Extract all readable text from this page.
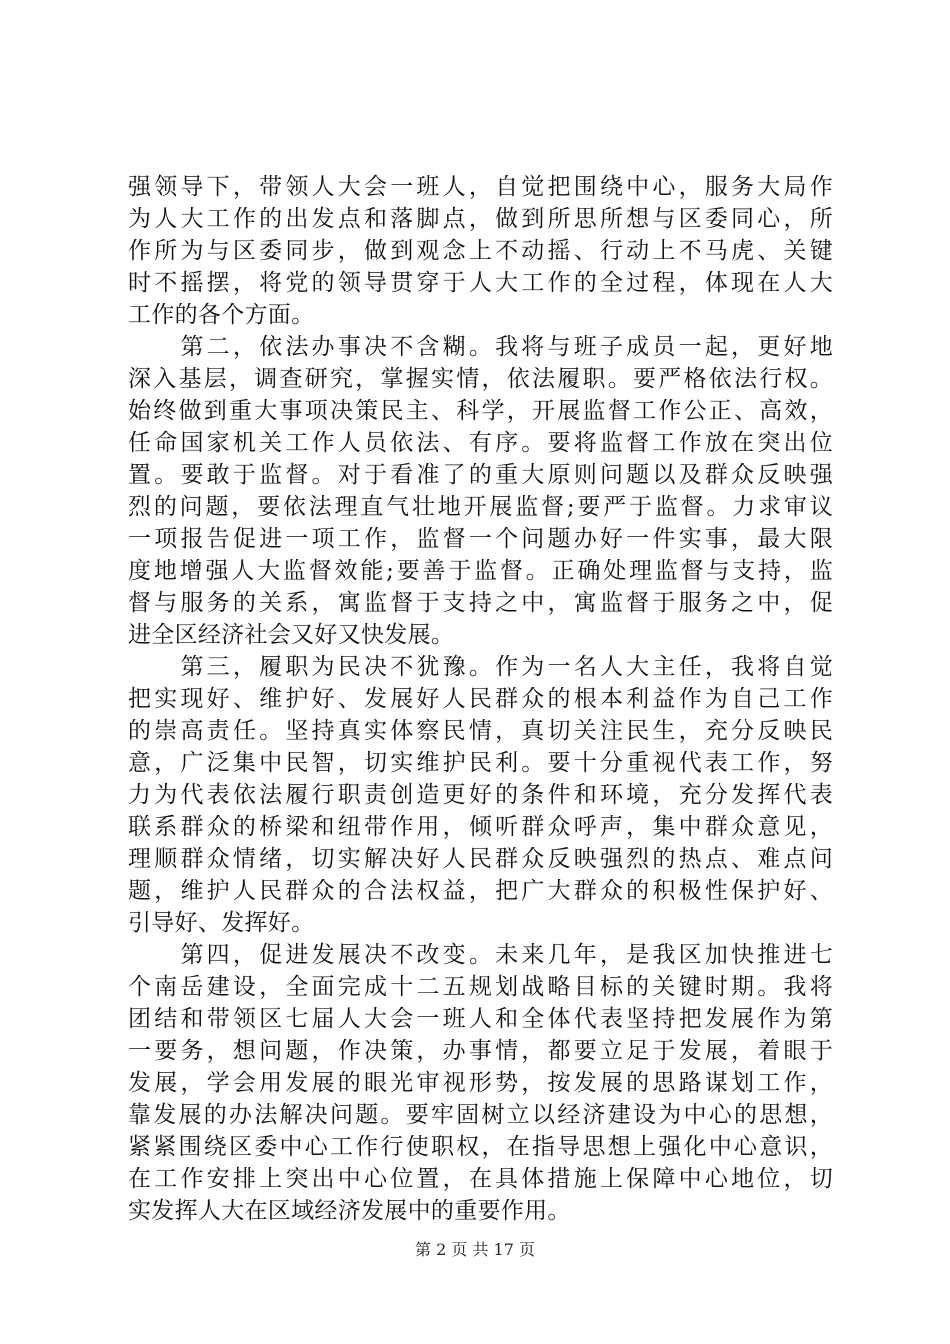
强领导下，带领人大会一班人，自觉把围绕中心，服务大局作
为人大工作的出发点和落脚点，做到所思所想与区委同心，所
作所为与区委同步，做到观念上不动摇、行动上不马虎、关键
时不摇摆，将党的领导贯穿于人大工作的全过程，体现在人大
工作的各个方面。
　　第二，依法办事决不含糊。我将与班子成员一起，更好地
深入基层，调查研究，掌握实情，依法履职。要严格依法行权。
始终做到重大事项决策民主、科学，开展监督工作公正、高效，
任命国家机关工作人员依法、有序。要将监督工作放在突出位
置。要敢于监督。对于看准了的重大原则问题以及群众反映强
烈的问题，要依法理直气壮地开展监督;要严于监督。力求审议
一项报告促进一项工作，监督一个问题办好一件实事，最大限
度地增强人大监督效能;要善于监督。正确处理监督与支持，监
督与服务的关系，寓监督于支持之中，寓监督于服务之中，促
进全区经济社会又好又快发展。
　　第三，履职为民决不犹豫。作为一名人大主任，我将自觉
把实现好、维护好、发展好人民群众的根本利益作为自己工作
的崇高责任。坚持真实体察民情，真切关注民生，充分反映民
意，广泛集中民智，切实维护民利。要十分重视代表工作，努
力为代表依法履行职责创造更好的条件和环境，充分发挥代表
联系群众的桥梁和纽带作用，倾听群众呼声，集中群众意见，
理顺群众情绪，切实解决好人民群众反映强烈的热点、难点问
题，维护人民群众的合法权益，把广大群众的积极性保护好、
引导好、发挥好。
　　第四，促进发展决不改变。未来几年，是我区加快推进七
个南岳建设，全面完成十二五规划战略目标的关键时期。我将
团结和带领区七届人大会一班人和全体代表坚持把发展作为第
一要务，想问题，作决策，办事情，都要立足于发展，着眼于
发展，学会用发展的眼光审视形势，按发展的思路谋划工作，
靠发展的办法解决问题。要牢固树立以经济建设为中心的思想，
紧紧围绕区委中心工作行使职权，在指导思想上强化中心意识，
在工作安排上突出中心位置，在具体措施上保障中心地位，切
实发挥人大在区域经济发展中的重要作用。
第 2 页 共 17 页
